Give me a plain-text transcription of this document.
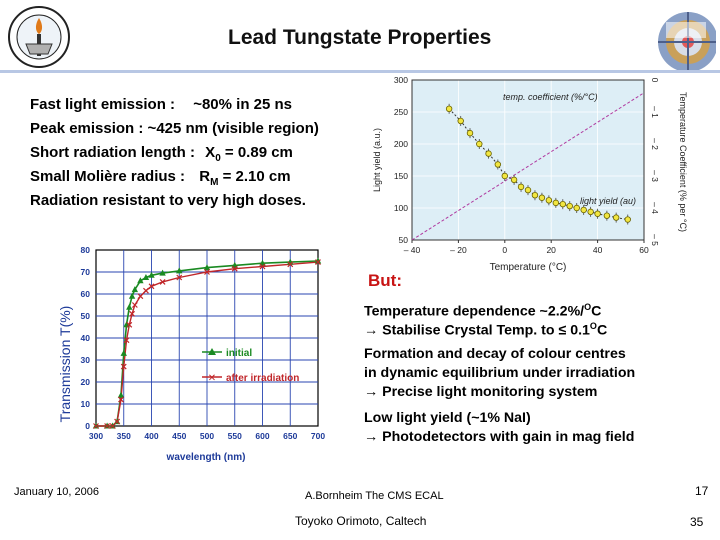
Lead Tungstate Properties
Fast light emission : ~80% in 25 ns
Peak emission : ~425 nm (visible region)
Short radiation length : $X_0 = 0.89$ cm
Small Molière radius : $R_M = 2.10$ cm
Radiation resistant to very high doses.
– 40	– 20	0	20	40	60
300
250
200
150
100
50
0
– 1
– 2
– 3
– 4
– 5
temp. coefficient (%/°C)
light yield (au)
Temperature (°C)
Light yield (a.u.)	Temperature Coefficient (% per °C)
300 350 400 450 500 550 600 650 700
80
70
60
50
40
30
20
10
0
initial
✕ after irradiation
wavelength (nm)
Transmission T(%)
But:
Temperature dependence ~2.2%/$^O$C
→ Stabilise Crystal Temp. to ≤ $0.1^OC$
Formation and decay of colour centres
in dynamic equilibrium under irradiation
→ Precise light monitoring system
Low light yield (~1% NaI)
→ Photodetectors with gain in mag field
January 10, 2006	A.Bornheim The CMS ECAL	17
Toyoko Orimoto, Caltech	35
